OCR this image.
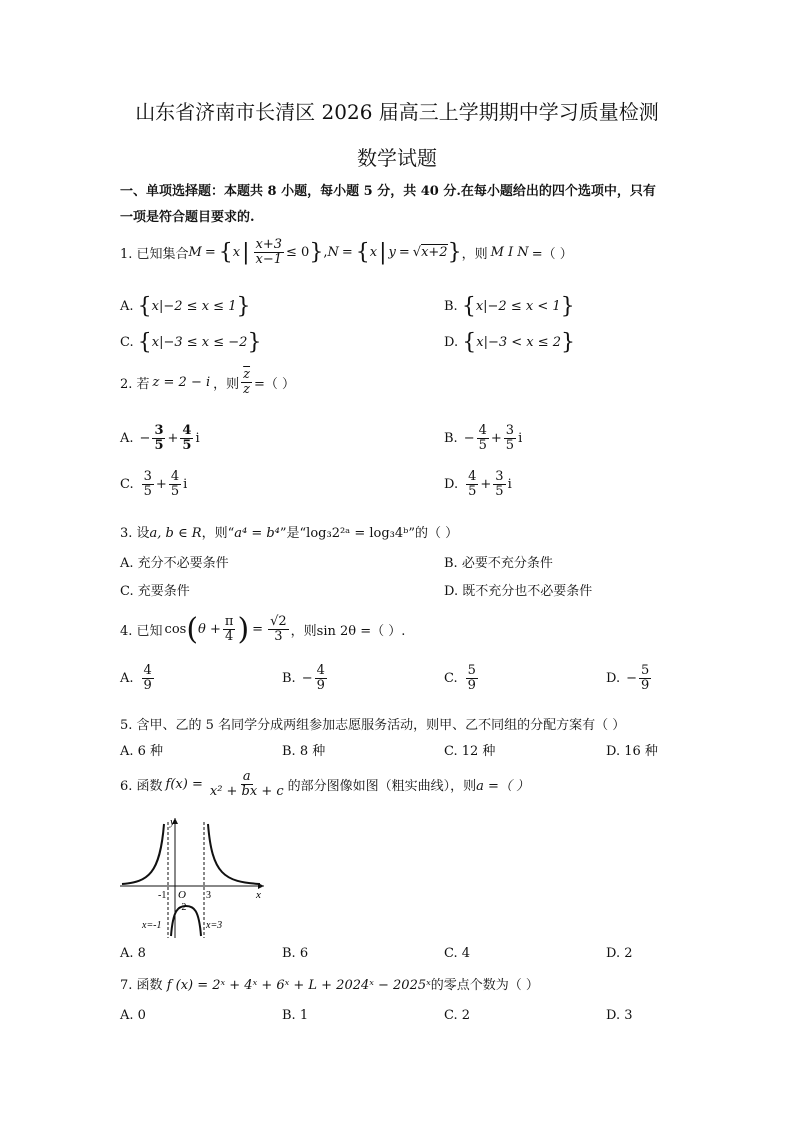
山东省济南市长清区 2026 届高三上学期期中学习质量检测
数学试题
一、单项选择题：本题共 8 小题，每小题 5 分，共 40 分.在每小题给出的四个选项中，只有
一项是符合题目要求的.
1. 已知集合 M = { x | $\frac{x+3}{x-1} \le 0$ } , N = { x | y = √ x+2 } ，则 M I N =（ ）
A. {x|−2 ≤ x ≤ 1}	B. {x|−2 ≤ x < 1}
C. {x|−3 ≤ x ≤ −2}	D. {x|−3 < x ≤ 2}
2. 若 z = 2 − i ，则 $\frac{\overline{z}}{z}$ =（ ）
A. − $\frac{3}{5} + \frac{4}{5}$ i	B. − $\frac{4}{5} + \frac{3}{5}$ i
C. $\frac{3}{5} + \frac{4}{5}$ i	D. $\frac{4}{5} + \frac{3}{5}$ i
3. 设a, b ∈ R，则“a⁴ = b⁴”是“log₃2²ᵃ = log₃4ᵇ”的（ ）
A. 充分不必要条件	B. 必要不充分条件
C. 充要条件	D. 既不充分也不必要条件
4. 已知 cos ( $\theta + \frac{\pi}{4}$ ) = $\frac{√2}{3}$ ，则 sin 2θ =（ ）.
A. $\frac{4}{9}$	B. − $\frac{4}{9}$	C. $\frac{5}{9}$	D. − $\frac{5}{9}$
5. 含甲、乙的 5 名同学分成两组参加志愿服务活动，则甲、乙不同组的分配方案有（ ）
A. 6 种	B. 8 种	C. 12 种	D. 16 种
6. 函数 $f(x) = \frac{a}{\text{x² + bx + c}}$ 的部分图像如图（粗实曲线），则 a =（ ）
y
x
O
-1	3
-2
x=-1	x=3
A. 8	B. 6	C. 4	D. 2
7. 函数 f (x) = 2ˣ + 4ˣ + 6ˣ + L + 2024ˣ − 2025ˣ的零点个数为（ ）
A. 0	B. 1	C. 2	D. 3
